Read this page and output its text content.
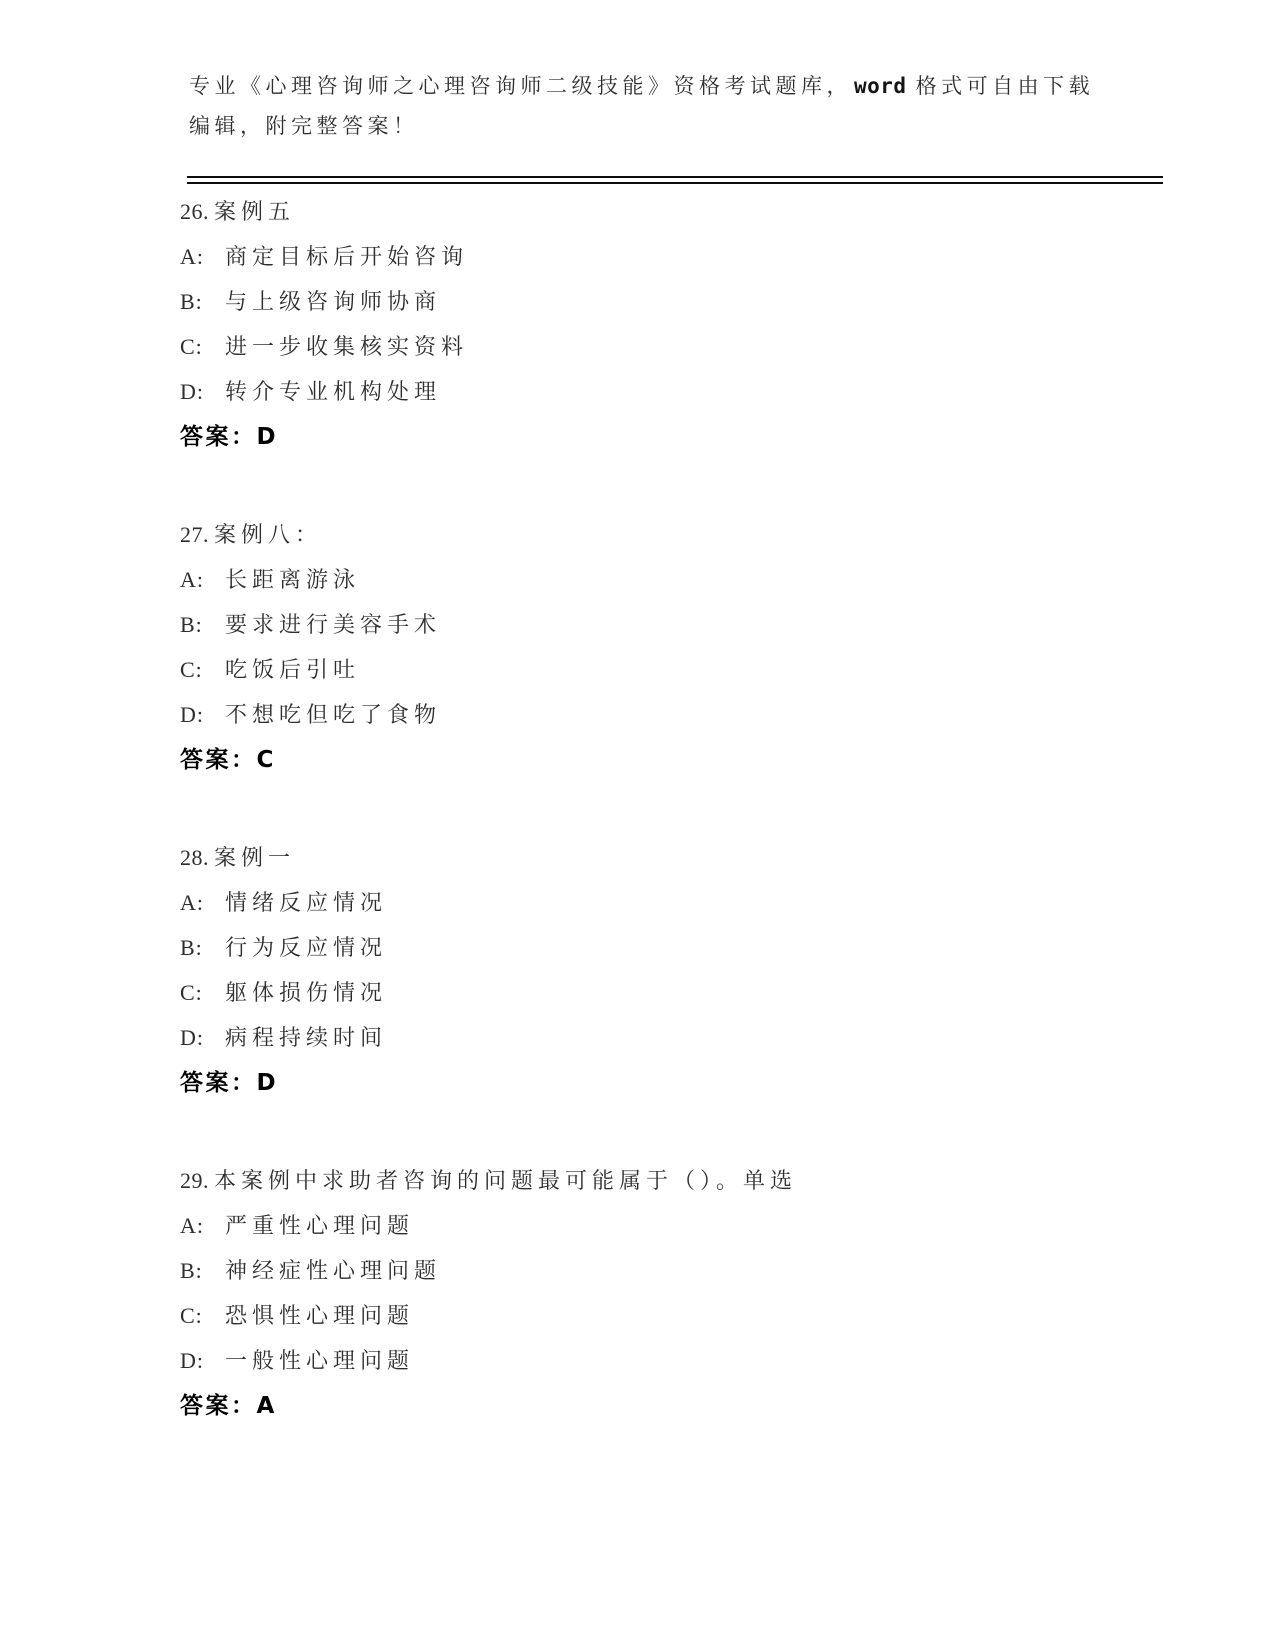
专业《心理咨询师之心理咨询师二级技能》资格考试题库，word 格式可自由下载

编辑，附完整答案！

26. 案例五
A: 商定目标后开始咨询
B: 与上级咨询师协商
C: 进一步收集核实资料
D: 转介专业机构处理
答案：D
27. 案例八：
A: 长距离游泳
B: 要求进行美容手术
C: 吃饭后引吐
D: 不想吃但吃了食物
答案：C
28. 案例一
A: 情绪反应情况
B: 行为反应情况
C: 躯体损伤情况
D: 病程持续时间
答案：D
29. 本案例中求助者咨询的问题最可能属于（）。单选
A: 严重性心理问题
B: 神经症性心理问题
C: 恐惧性心理问题
D: 一般性心理问题
答案：A
